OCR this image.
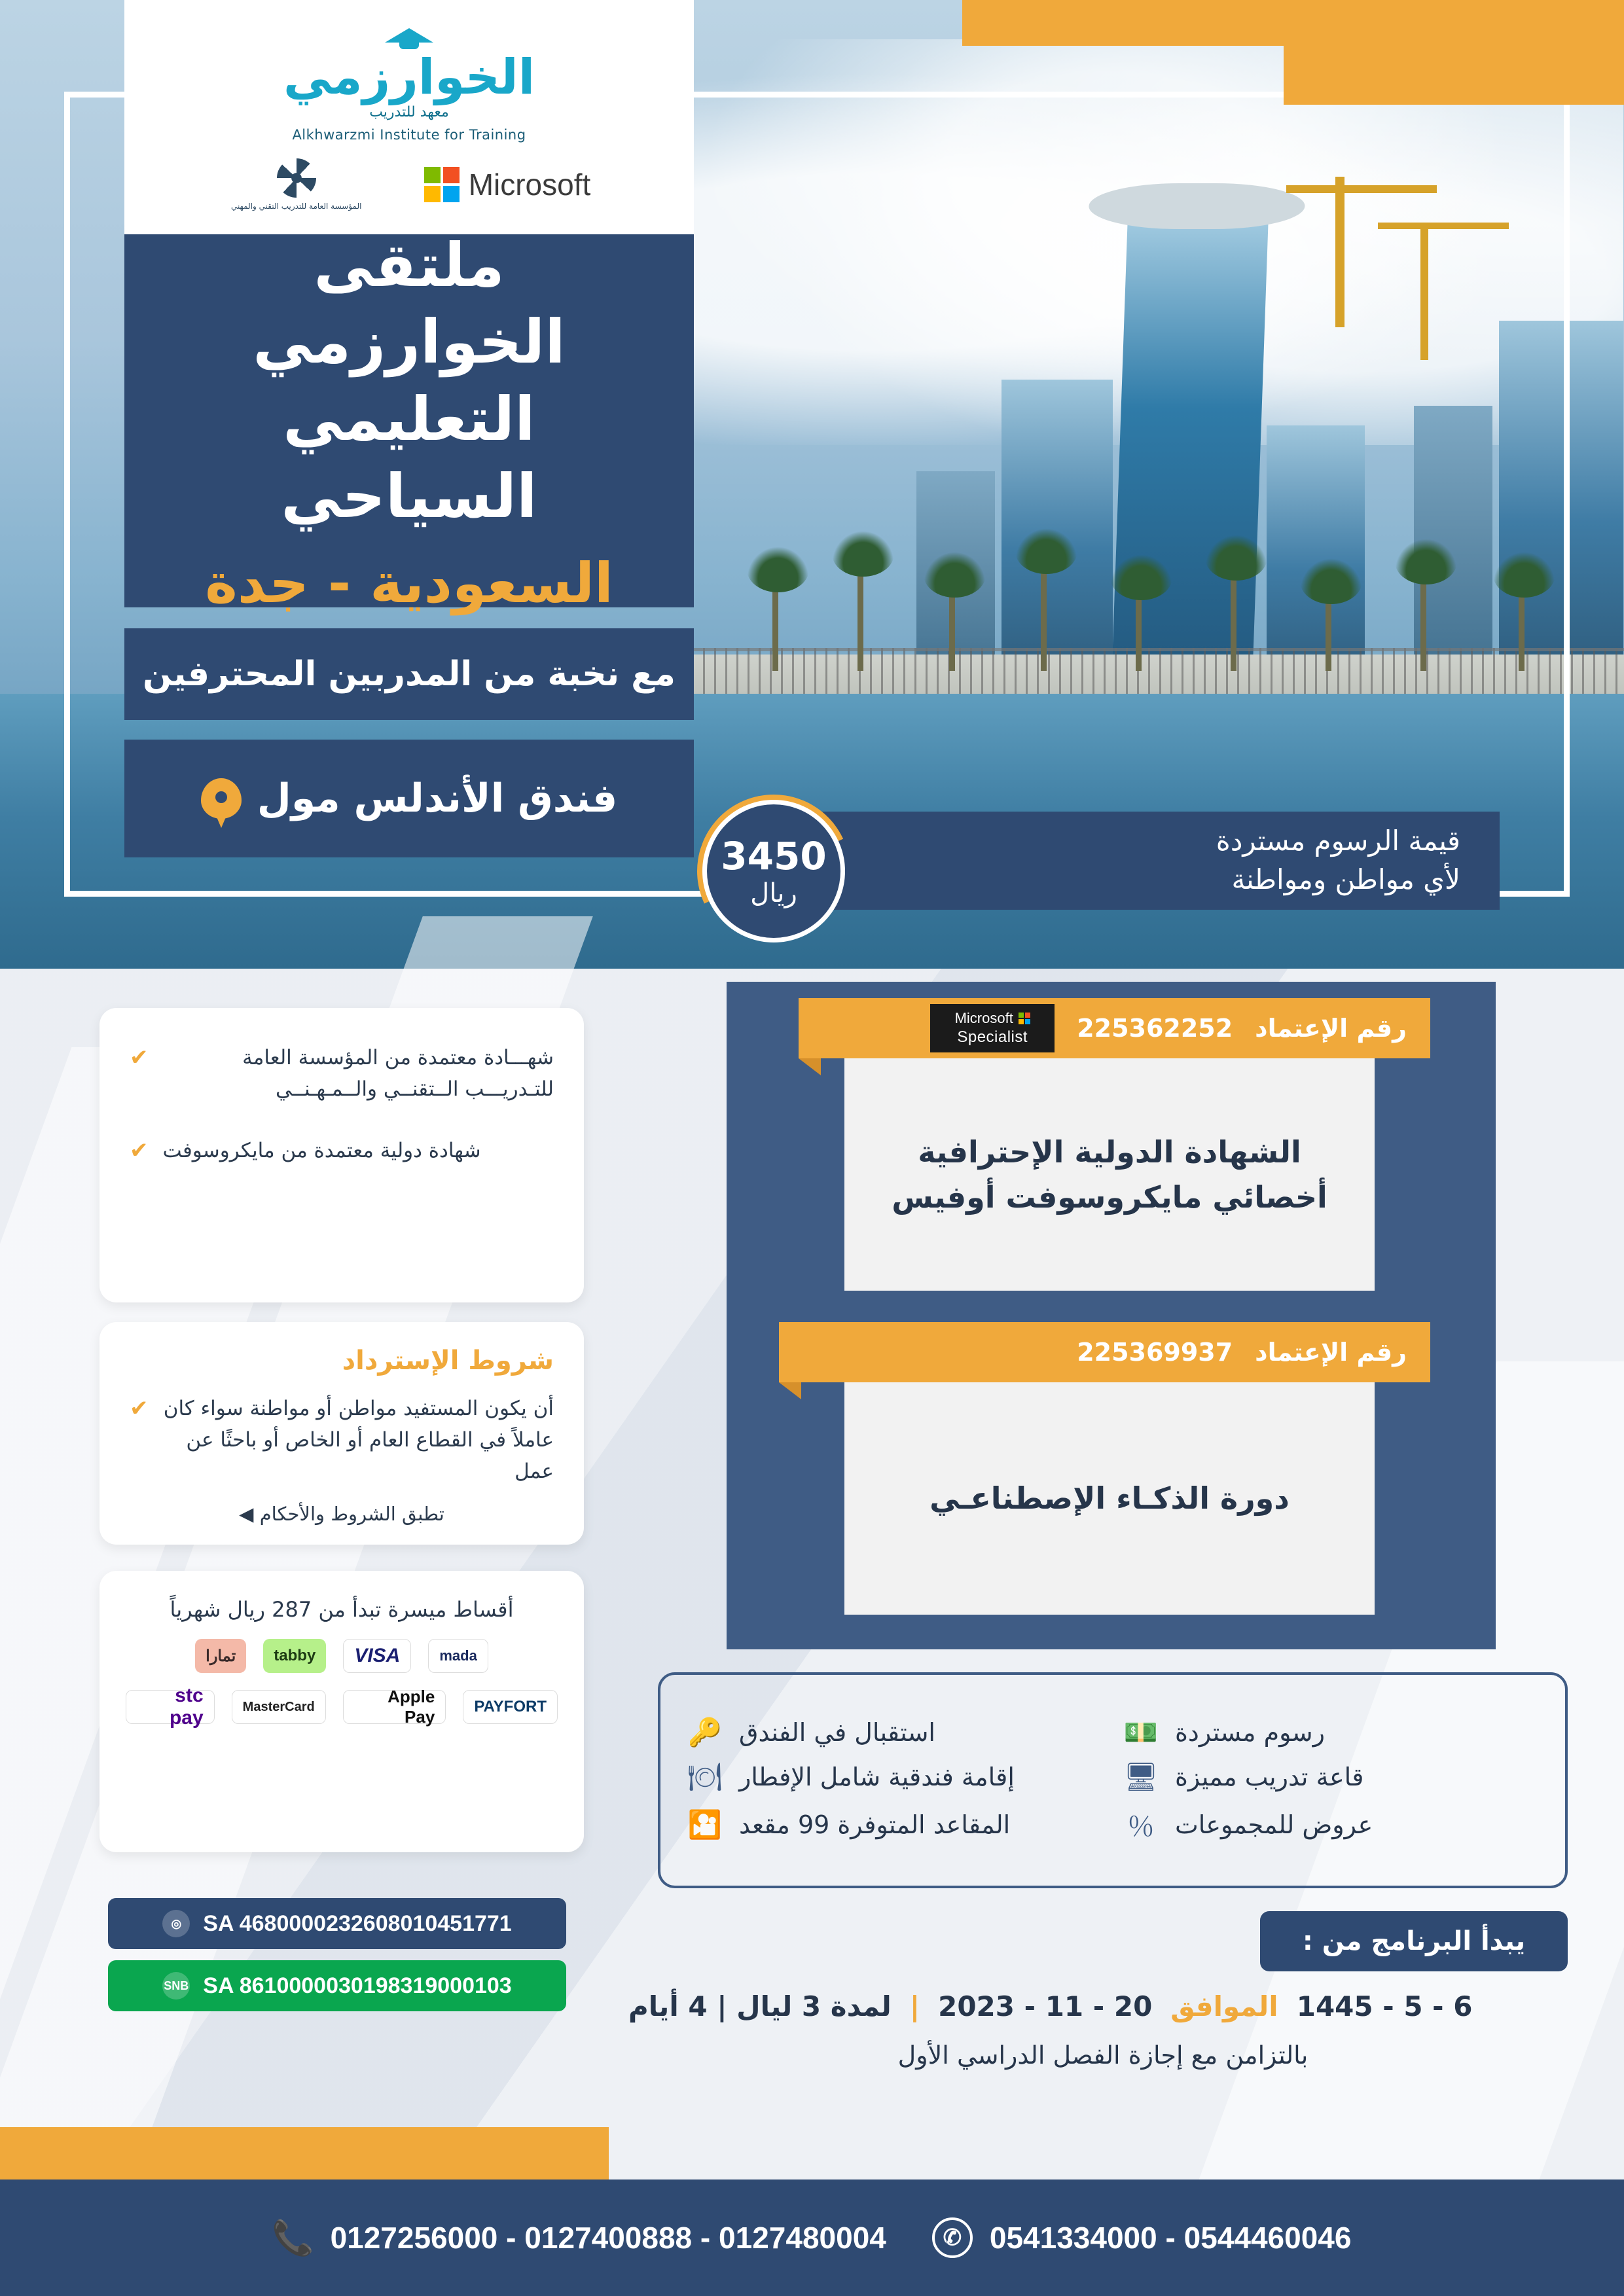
الخوارزمي
معهد للتدريب
Alkhwarzmi Institute for Training
Microsoft
المؤسسة العامة للتدريب التقني والمهني
ملتقى الخوارزمي
التعليمي السياحي
السعودية - جدة
مع نخبة من المدربين المحترفين
فندق الأندلس مول
قيمة الرسوم مستردة
لأي مواطن ومواطنة
3450
ريال
رقم الإعتماد
225362252
Microsoft
Specialist
الشهادة الدولية الإحترافية
أخصائي مايكروسوفت أوفيس
رقم الإعتماد
225369937
دورة الذكـاء الإصطناعـي
شهـــادة معتمدة من المؤسسة العامة للتـدريـــب الــتقنــي والــمـهـنــي
✔
شهادة دولية معتمدة من مايكروسوفت
✔
شروط الإسترداد
أن يكون المستفيد مواطن أو مواطنة سواء كان عاملاً في القطاع العام أو الخاص أو باحثًا عن عمل
✔
تطبق الشروط والأحكام ◀
أقساط ميسرة تبدأ من 287 ريال شهرياً
mada
VISA
tabby
تمارا
PAYFORT
Apple Pay
MasterCard
stc pay
SA 4680000232608010451771
◎
SA 8610000030198319000103
SNB
رسوم مستردة
💵
استقبال في الفندق
🔑
قاعة تدريب مميزة
🖥
إقامة فندقية شامل الإفطار
🍽
عروض للمجموعات
％
المقاعد المتوفرة 99 مقعد
🎦
يبدأ البرنامج من :
6 - 5 - 1445
الموافق
20 - 11 - 2023
|
لمدة 3 ليال | 4 أيام
بالتزامن مع إجازة الفصل الدراسي الأول
0544460046 - 0541334000
✆
0127480004 - 0127400888 - 0127256000
📞
